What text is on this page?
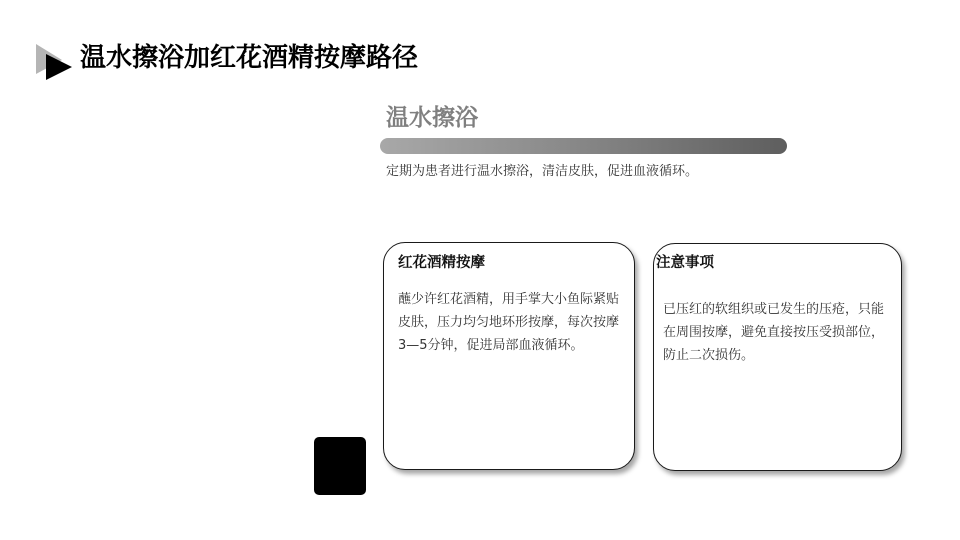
温水擦浴加红花酒精按摩路径
温水擦浴

定期为患者进行温水擦浴，清洁皮肤，促进血液循环。

红花酒精按摩

蘸少许红花酒精，用手掌大小鱼际紧贴皮肤，压力均匀地环形按摩，每次按摩3—5分钟，促进局部血液循环。

注意事项

已压红的软组织或已发生的压疮，只能在周围按摩，避免直接按压受损部位，防止二次损伤。
